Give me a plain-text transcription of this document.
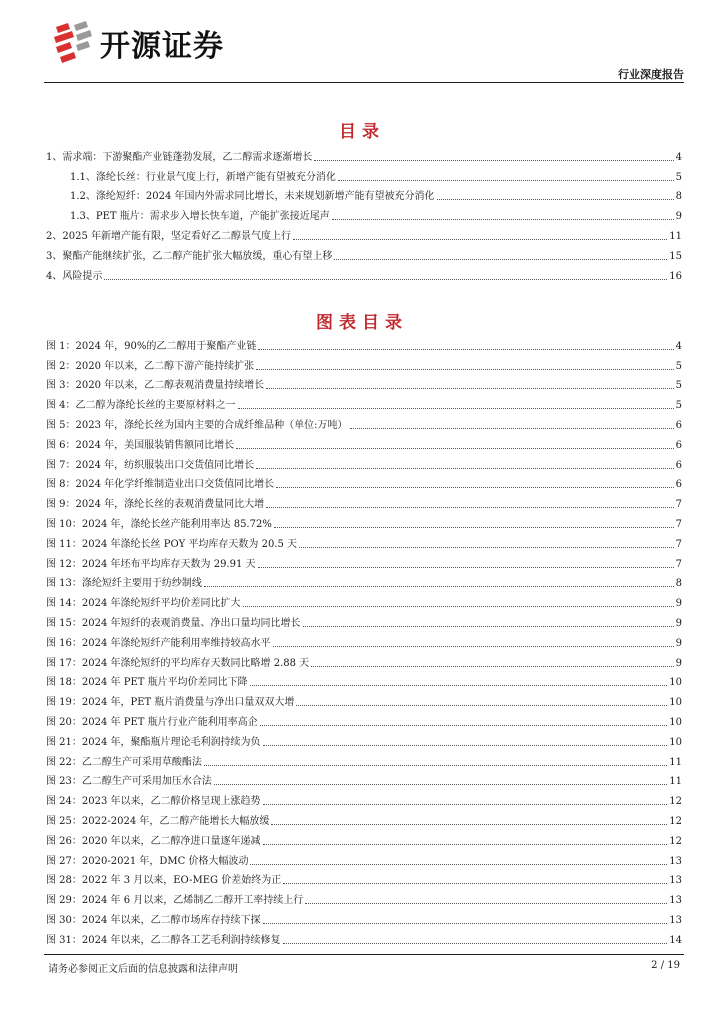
开源证券
行业深度报告
目录
1、 需求端：下游聚酯产业链蓬勃发展，乙二醇需求逐渐增长	4
1.1、 涤纶长丝：行业景气度上行，新增产能有望被充分消化	5
1.2、 涤纶短纤：2024 年国内外需求同比增长，未来规划新增产能有望被充分消化	8
1.3、 PET 瓶片：需求步入增长快车道，产能扩张接近尾声	9
2、 2025 年新增产能有限，坚定看好乙二醇景气度上行	11
3、 聚酯产能继续扩张，乙二醇产能扩张大幅放缓，重心有望上移	15
4、 风险提示	16
图表目录
图 1： 2024 年，90%的乙二醇用于聚酯产业链	4
图 2： 2020 年以来，乙二醇下游产能持续扩张	5
图 3： 2020 年以来，乙二醇表观消费量持续增长	5
图 4： 乙二醇为涤纶长丝的主要原材料之一	5
图 5： 2023 年，涤纶长丝为国内主要的合成纤维品种（单位:万吨）	6
图 6： 2024 年，美国服装销售额同比增长	6
图 7： 2024 年，纺织服装出口交货值同比增长	6
图 8： 2024 年化学纤维制造业出口交货值同比增长	6
图 9： 2024 年，涤纶长丝的表观消费量同比大增	7
图 10： 2024 年，涤纶长丝产能利用率达 85.72%	7
图 11： 2024 年涤纶长丝 POY 平均库存天数为 20.5 天	7
图 12： 2024 年坯布平均库存天数为 29.91 天	7
图 13： 涤纶短纤主要用于纺纱制线	8
图 14： 2024 年涤纶短纤平均价差同比扩大	9
图 15： 2024 年短纤的表观消费量、净出口量均同比增长	9
图 16： 2024 年涤纶短纤产能利用率维持较高水平	9
图 17： 2024 年涤纶短纤的平均库存天数同比略增 2.88 天	9
图 18： 2024 年 PET 瓶片平均价差同比下降	10
图 19： 2024 年，PET 瓶片消费量与净出口量双双大增	10
图 20： 2024 年 PET 瓶片行业产能利用率高企	10
图 21： 2024 年，聚酯瓶片理论毛利润持续为负	10
图 22： 乙二醇生产可采用草酸酯法	11
图 23： 乙二醇生产可采用加压水合法	11
图 24： 2023 年以来，乙二醇价格呈现上涨趋势	12
图 25： 2022-2024 年，乙二醇产能增长大幅放缓	12
图 26： 2020 年以来，乙二醇净进口量逐年递减	12
图 27： 2020-2021 年，DMC 价格大幅波动	13
图 28： 2022 年 3 月以来，EO-MEG 价差始终为正	13
图 29： 2024 年 6 月以来，乙烯制乙二醇开工率持续上行	13
图 30： 2024 年以来，乙二醇市场库存持续下探	13
图 31： 2024 年以来，乙二醇各工艺毛利润持续修复	14
请务必参阅正文后面的信息披露和法律声明	2 / 19
